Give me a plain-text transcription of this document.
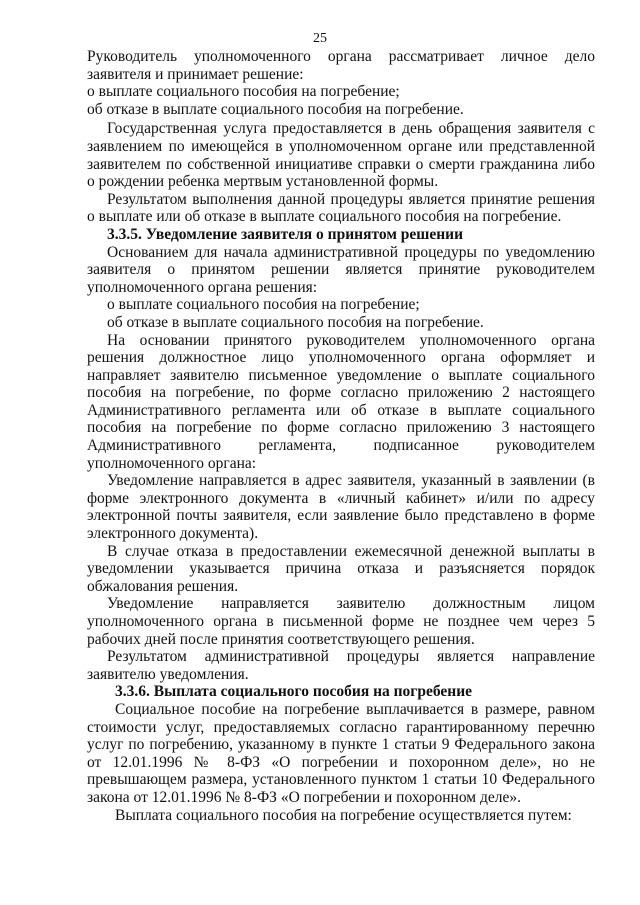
25

Руководитель уполномоченного органа рассматривает личное дело заявителя и принимает решение:

о выплате социального пособия на погребение;

об отказе в выплате социального пособия на погребение.

Государственная услуга предоставляется в день обращения заявителя с заявлением по имеющейся в уполномоченном органе или представленной заявителем по собственной инициативе справки о смерти гражданина либо о рождении ребенка мертвым установленной формы.

Результатом выполнения данной процедуры является принятие решения о выплате или об отказе в выплате социального пособия на погребение.

3.3.5. Уведомление заявителя о принятом решении

Основанием для начала административной процедуры по уведомлению заявителя о принятом решении является принятие руководителем уполномоченного органа решения:

о выплате социального пособия на погребение;

об отказе в выплате социального пособия на погребение.

На основании принятого руководителем уполномоченного органа решения должностное лицо уполномоченного органа оформляет и направляет заявителю письменное уведомление о выплате социального пособия на погребение, по форме согласно приложению 2 настоящего Административного регламента или об отказе в выплате социального пособия на погребение по форме согласно приложению 3 настоящего Административного регламента, подписанное руководителем уполномоченного органа:

Уведомление направляется в адрес заявителя, указанный в заявлении (в форме электронного документа в «личный кабинет» и/или по адресу электронной почты заявителя, если заявление было представлено в форме электронного документа).

В случае отказа в предоставлении ежемесячной денежной выплаты в уведомлении указывается причина отказа и разъясняется порядок обжалования решения.

Уведомление направляется заявителю должностным лицом уполномоченного органа в письменной форме не позднее чем через 5 рабочих дней после принятия соответствующего решения.

Результатом административной процедуры является направление заявителю уведомления.

3.3.6. Выплата социального пособия на погребение

Социальное пособие на погребение выплачивается в размере, равном стоимости услуг, предоставляемых согласно гарантированному перечню услуг по погребению, указанному в пункте 1 статьи 9 Федерального закона от 12.01.1996 № 8-ФЗ «О погребении и похоронном деле», но не превышающем размера, установленного пунктом 1 статьи 10 Федерального закона от 12.01.1996 № 8-ФЗ «О погребении и похоронном деле».

Выплата социального пособия на погребение осуществляется путем:
